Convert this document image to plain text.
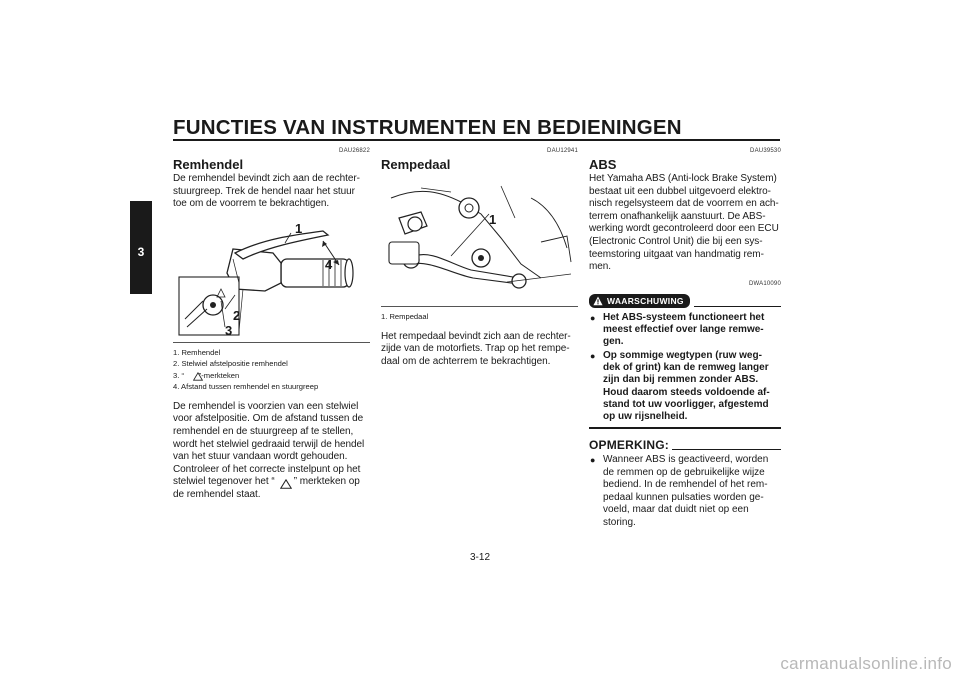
FUNCTIES VAN INSTRUMENTEN EN BEDIENINGEN
3
DAU26822
Remhendel

De remhendel bevindt zich aan de rechter-
stuurgreep. Trek de hendel naar het stuur
toe om de voorrem te bekrachtigen.

1
4
2
3
1. Remhendel
2. Stelwiel afstelpositie remhendel
3. “       ”-merkteken
4. Afstand tussen remhendel en stuurgreep

De remhendel is voorzien van een stelwiel
voor afstelpositie. Om de afstand tussen de
remhendel en de stuurgreep af te stellen,
wordt het stelwiel gedraaid terwijl de hendel
van het stuur vandaan wordt gehouden.
Controleer of het correcte instelpunt op het
stelwiel tegenover het “       ” merkteken op
de remhendel staat.

DAU12941
Rempedaal
1
1. Rempedaal

Het rempedaal bevindt zich aan de rechter-
zijde van de motorfiets. Trap op het rempe-
daal om de achterrem te bekrachtigen.

DAU39530
ABS

Het Yamaha ABS (Anti-lock Brake System)
bestaat uit een dubbel uitgevoerd elektro-
nisch regelsysteem dat de voorrem en ach-
terrem onafhankelijk aanstuurt. De ABS-
werking wordt gecontroleerd door een ECU
(Electronic Control Unit) die bij een sys-
teemstoring uitgaat van handmatig rem-
men.

DWA10090
WAARSCHUWING
● Het ABS-systeem functioneert het
meest effectief over lange remwe-
gen.
● Op sommige wegtypen (ruw weg-
dek of grint) kan de remweg langer
zijn dan bij remmen zonder ABS.
Houd daarom steeds voldoende af-
stand tot uw voorligger, afgestemd
op uw rijsnelheid.
OPMERKING:
● Wanneer ABS is geactiveerd, worden
de remmen op de gebruikelijke wijze
bediend. In de remhendel of het rem-
pedaal kunnen pulsaties worden ge-
voeld, maar dat duidt niet op een
storing.
3-12
carmanualsonline.info
